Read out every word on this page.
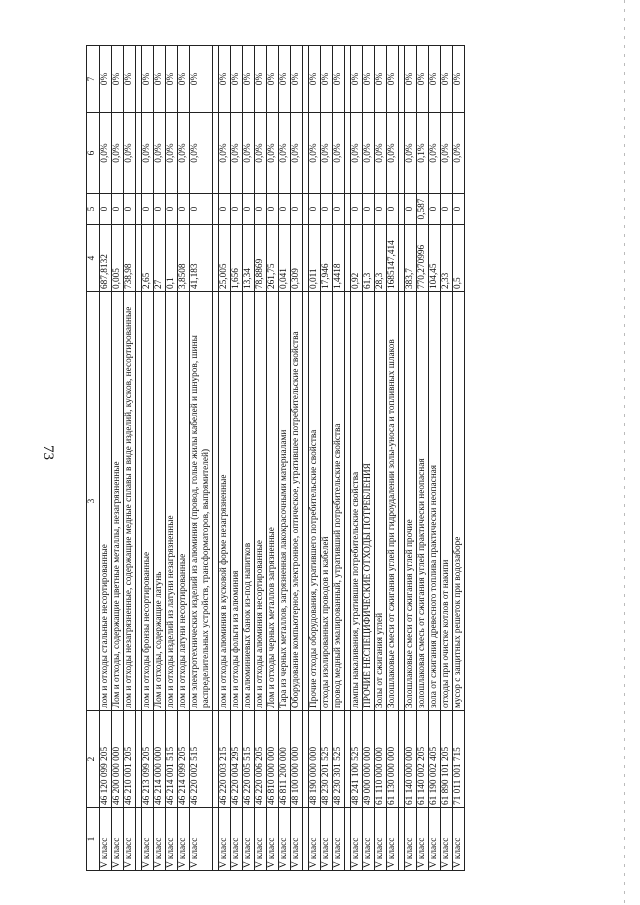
73
1	2	3	4	5	6	7
V класс	46 120 099 205	лом и отходы стальные несортированные	687,8132	0	0,0%	0%
V класс	46 200 000 000	Лом и отходы, содержащие цветные металлы, незагрязненные	0,005	0	0,0%	0%
V класс	46 210 001 205	лом и отходы незагрязненные, содержащие медные сплавы в виде изделий, кусков, несортированные	738,98	0	0,0%	0%

V класс	46 213 099 205	лом и отходы бронзы несортированные	2,65	0	0,0%	0%
V класс	46 214 000 000	Лом и отходы, содержащие латунь	27	0	0,0%	0%
V класс	46 214 001 515	лом и отходы изделий из латуни незагрязненные	0,1	0	0,0%	0%
V класс	46 214 099 205	лом и отходы латуни несортированные	3,8508	0	0,0%	0%
V класс	46 220 002 515	лом электротехнических изделий из алюминия (провод, голые жилы кабелей и шнуров, шины распределительных устройств, трансформаторов, выпрямителей)	41,183	0	0,0%	0%

V класс	46 220 003 215	лом и отходы алюминия в кусковой форме незагрязненные	25,005	0	0,0%	0%
V класс	46 220 004 295	лом и отходы фольги из алюминия	1,656	0	0,0%	0%
V класс	46 220 005 515	лом алюминиевых банок из-под напитков	13,34	0	0,0%	0%
V класс	46 220 006 205	лом и отходы алюминия несортированные	78,8869	0	0,0%	0%
V класс	46 810 000 000	Лом и отходы черных металлов загрязненные	261,75	0	0,0%	0%
V класс	46 811 200 000	Тара из черных металлов, загрязненная лакокрасочными материалами	0,041	0	0,0%	0%
V класс	48 100 000 000	Оборудование компьютерное, электронное, оптическое, утратившее потребительские свойства	0,309	0	0,0%	0%

V класс	48 190 000 000	Прочие отходы оборудования, утратившего потребительские свойства	0,011	0	0,0%	0%
V класс	48 230 201 525	отходы изолированных проводов и кабелей	17,946	0	0,0%	0%
V класс	48 230 301 525	провод медный эмалированный, утративший потребительские свойства	1,4418	0	0,0%	0%

V класс	48 241 100 525	лампы накаливания, утратившие потребительские свойства	0,92	0	0,0%	0%
V класс	49 000 000 000	ПРОЧИЕ НЕСПЕЦИФИЧЕСКИЕ ОТХОДЫ ПОТРЕБЛЕНИЯ	61,3	0	0,0%	0%
V класс	61 110 000 000	Золы от сжигания углей	28,3	0	0,0%	0%
V класс	61 130 000 000	Золошлаковые смеси от сжигания углей при гидроудалении золы-уноса и топливных шлаков	1685147,414	0	0,0%	0%

V класс	61 140 000 000	Золошлаковые смеси от сжигания углей прочие	383,7	0	0,0%	0%
V класс	61 140 002 205	золошлаковая смесь от сжигания углей практически неопасная	770,270996	0,587	0,1%	0%
V класс	61 190 002 405	зола от сжигания древесного топлива практически неопасная	104,45	0	0,0%	0%
V класс	61 890 101 205	отходы при очистке котлов от накипи	2,33	0	0,0%	0%
V класс	71 011 001 715	мусор с защитных решеток при водозаборе	0,5	0	0,0%	0%
